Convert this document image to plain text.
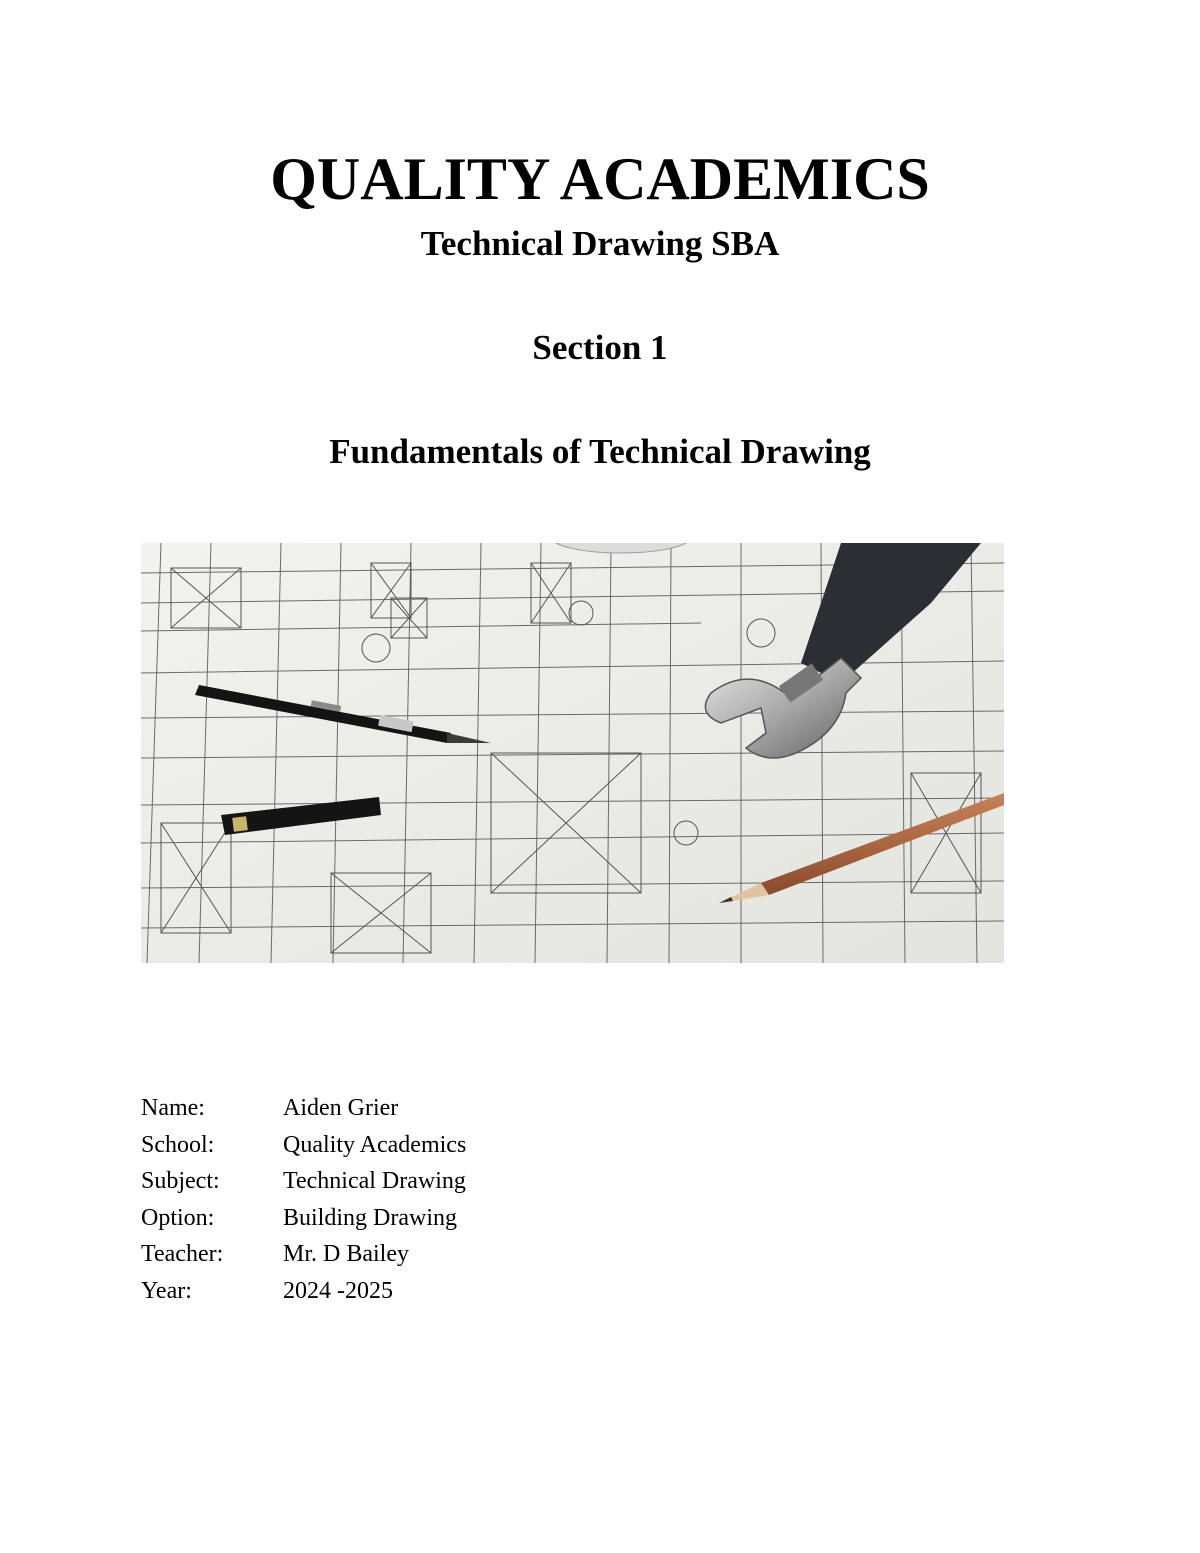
QUALITY ACADEMICS
Technical Drawing SBA
Section 1
Fundamentals of Technical Drawing
Name:	Aiden Grier
School:	Quality Academics
Subject:	Technical Drawing
Option:	Building Drawing
Teacher:	Mr. D Bailey
Year:	2024 -2025
